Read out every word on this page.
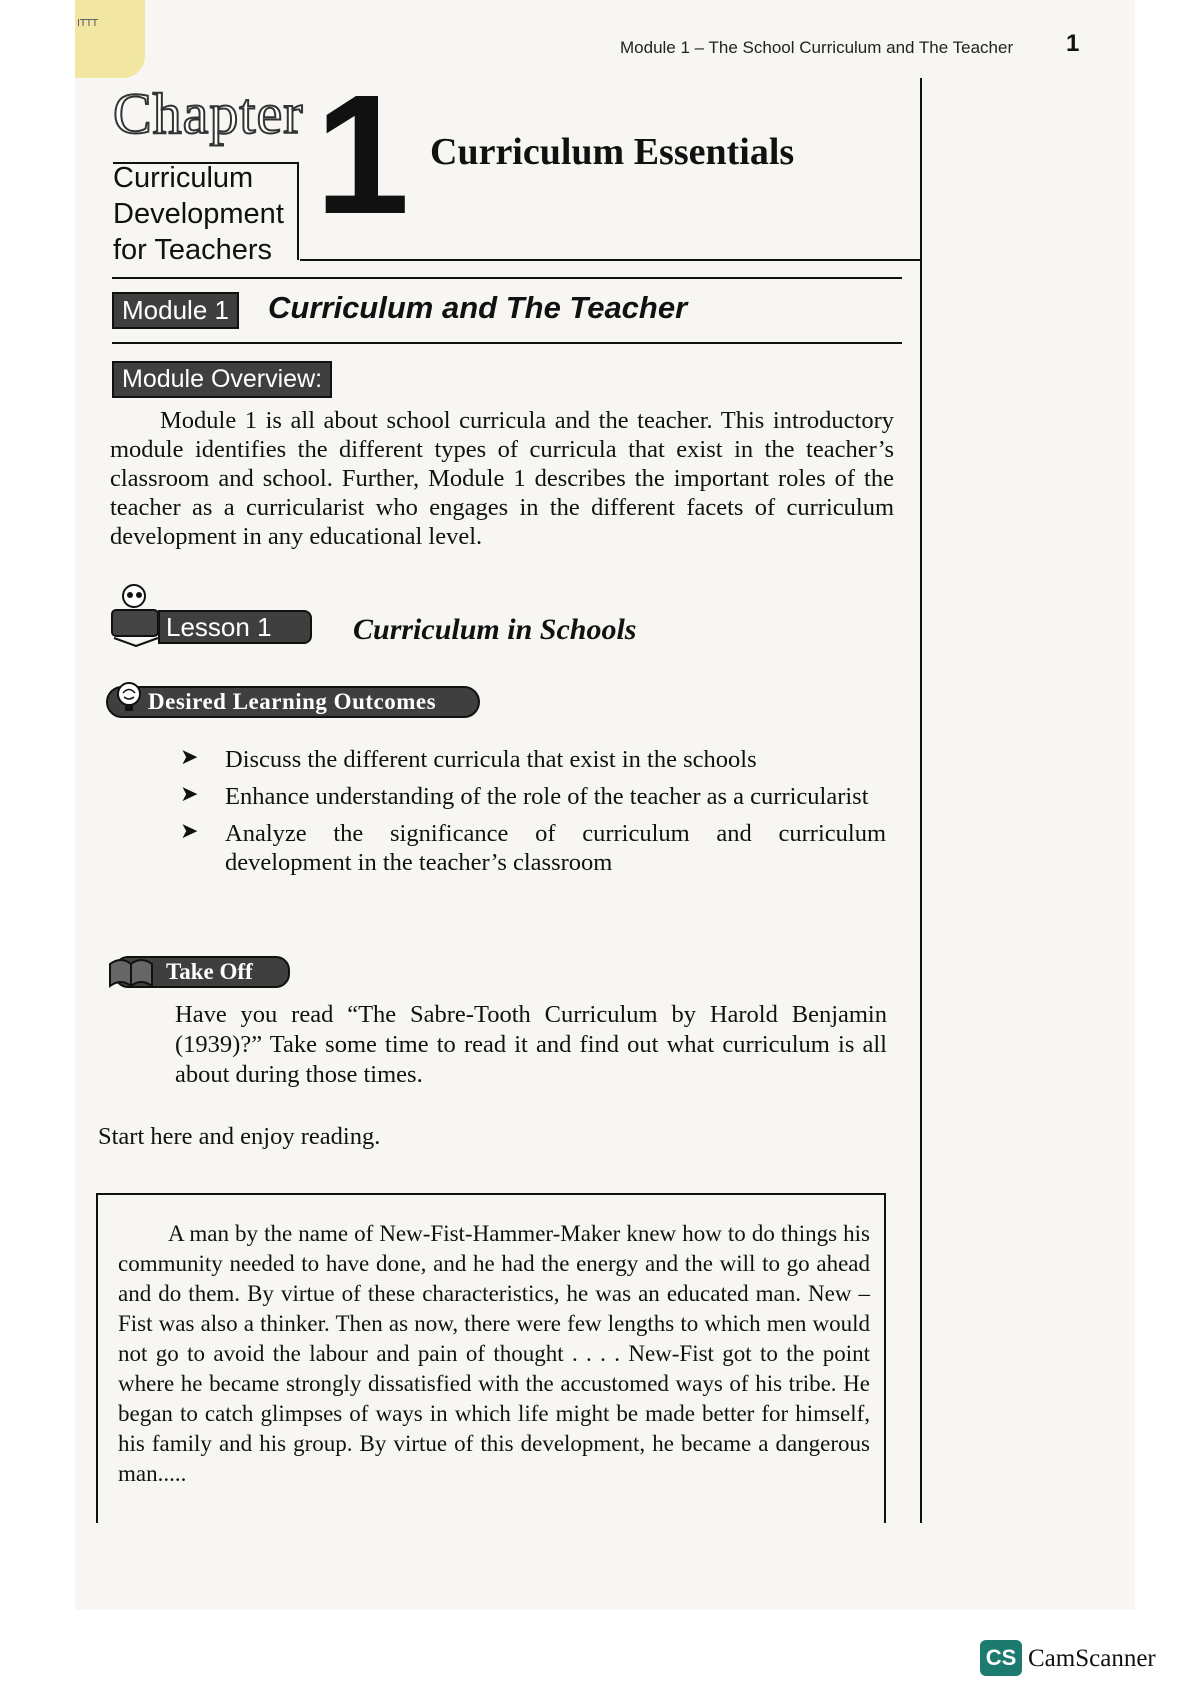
ITTT
Module 1 – The School Curriculum and The Teacher 1
Chapter
Curriculum
Development
for Teachers 1 Curriculum Essentials
Module 1	Curriculum and The Teacher
Module Overview:

Module 1 is all about school curricula and the teacher. This introductory module identifies the different types of curricula that exist in the teacher’s classroom and school. Further, Module 1 describes the important roles of the teacher as a curricularist who engages in the different facets of curriculum development in any educational level.

Lesson 1	Curriculum in Schools
Desired Learning Outcomes
➤ Discuss the different curricula that exist in the schools
➤ Enhance understanding of the role of the teacher as a curricularist
➤ Analyze the significance of curriculum and curriculum development in the teacher’s classroom
Take Off
Have you read “The Sabre-Tooth Curriculum by Harold Benjamin (1939)?” Take some time to read it and find out what curriculum is all about during those times.
Start here and enjoy reading.

A man by the name of New-Fist-Hammer-Maker knew how to do things his community needed to have done, and he had the energy and the will to go ahead and do them. By virtue of these characteristics, he was an educated man. New –Fist was also a thinker. Then as now, there were few lengths to which men would not go to avoid the labour and pain of thought . . . . New-Fist got to the point where he became strongly dissatisfied with the accustomed ways of his tribe. He began to catch glimpses of ways in which life might be made better for himself, his family and his group. By virtue of this development, he became a dangerous man.....

CS CamScanner
